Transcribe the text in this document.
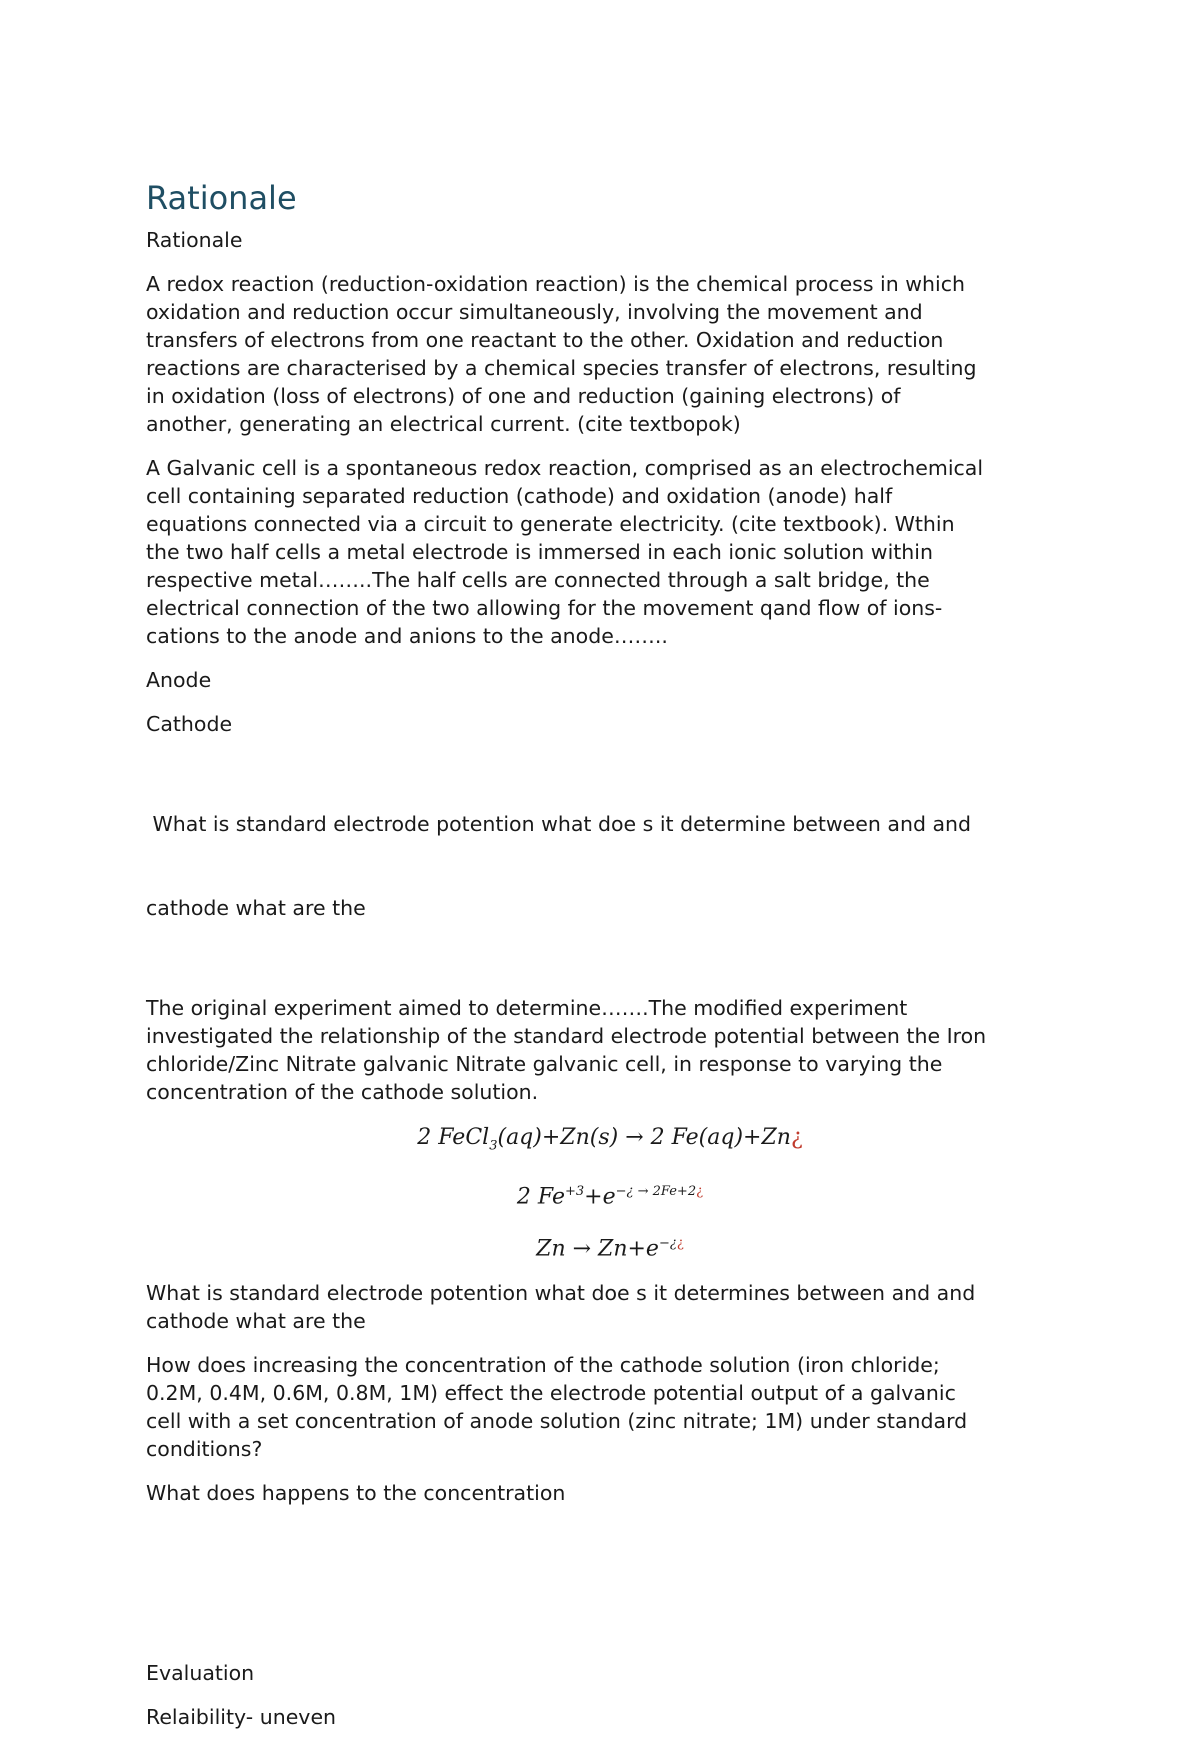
Rationale

Rationale

A redox reaction (reduction-oxidation reaction) is the chemical process in which
oxidation and reduction occur simultaneously, involving the movement and
transfers of electrons from one reactant to the other. Oxidation and reduction
reactions are characterised by a chemical species transfer of electrons, resulting
in oxidation (loss of electrons) of one and reduction (gaining electrons) of
another, generating an electrical current. (cite textbopok)

A Galvanic cell is a spontaneous redox reaction, comprised as an electrochemical
cell containing separated reduction (cathode) and oxidation (anode) half
equations connected via a circuit to generate electricity. (cite textbook). Wthin
the two half cells a metal electrode is immersed in each ionic solution within
respective metal……..The half cells are connected through a salt bridge, the
electrical connection of the two allowing for the movement qand flow of ions-
cations to the anode and anions to the anode……..

Anode

Cathode

What is standard electrode potention what doe s it determine between and and

cathode what are the

The original experiment aimed to determine…….The modified experiment
investigated the relationship of the standard electrode potential between the Iron
chloride/Zinc Nitrate galvanic Nitrate galvanic cell, in response to varying the
concentration of the cathode solution.

2 FeCl$_3$(aq)+Zn(s) → 2 Fe(aq)+Zn¿
2 $Fe^{+3}+e^{-¿ \to 2Fe+2¿}$
Zn → Zn+e−¿¿

What is standard electrode potention what doe s it determines between and and
cathode what are the

How does increasing the concentration of the cathode solution (iron chloride;
0.2M, 0.4M, 0.6M, 0.8M, 1M) effect the electrode potential output of a galvanic
cell with a set concentration of anode solution (zinc nitrate; 1M) under standard
conditions?

What does happens to the concentration

Evaluation

Relaibility- uneven
